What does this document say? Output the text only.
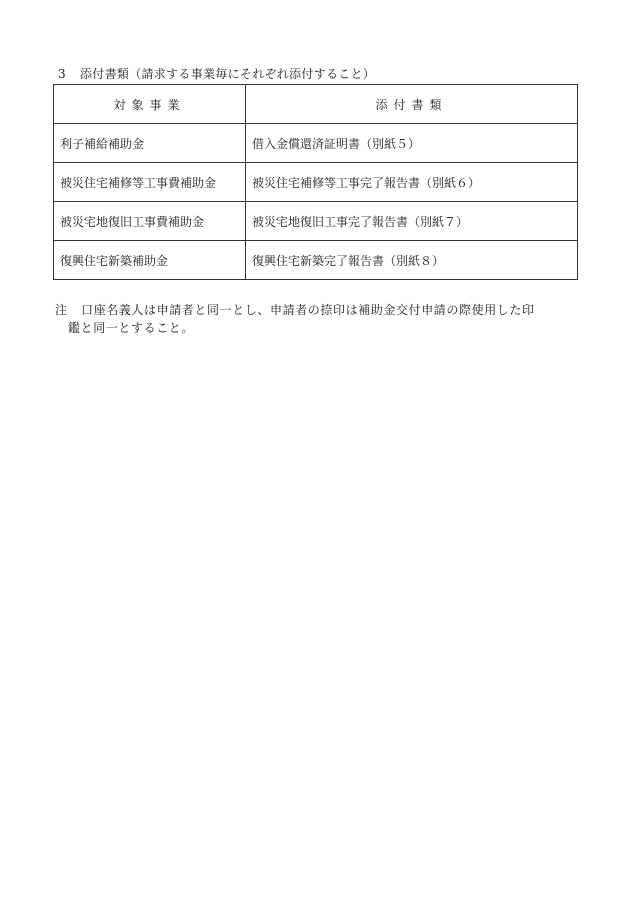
3 添付書類（請求する事業毎にそれぞれ添付すること）
対象事業	添付書類
利子補給補助金	借入金償還済証明書（別紙５）
被災住宅補修等工事費補助金	被災住宅補修等工事完了報告書（別紙６）
被災宅地復旧工事費補助金	被災宅地復旧工事完了報告書（別紙７）
復興住宅新築補助金	復興住宅新築完了報告書（別紙８）
注 口座名義人は申請者と同一とし、申請者の捺印は補助金交付申請の際使用した印
鑑と同一とすること。
